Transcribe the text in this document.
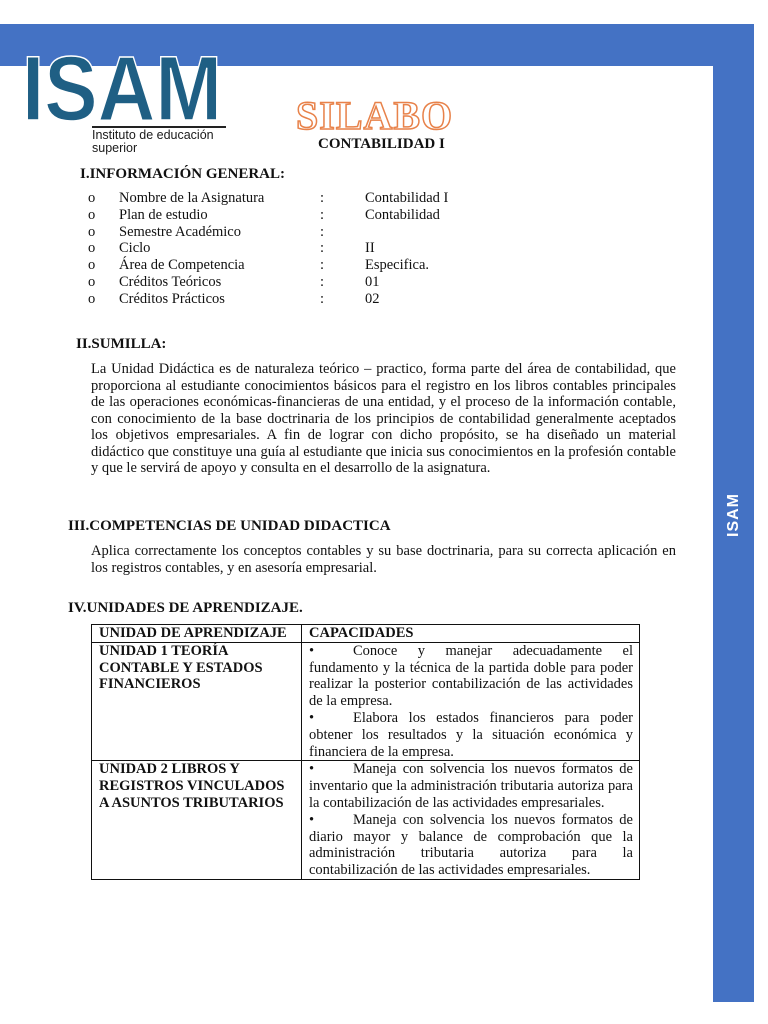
ISAM
ISAM
Instituto de educación
superior
SILABO
CONTABILIDAD I
I.INFORMACIÓN GENERAL:
o	Nombre de la Asignatura	:	Contabilidad I
o	Plan de estudio	:	Contabilidad
o	Semestre Académico	:
o	Ciclo	:	II
o	Área de Competencia	:	Especifica.
o	Créditos Teóricos	:	01
o	Créditos Prácticos	:	02
II.SUMILLA:
La Unidad Didáctica es de naturaleza teórico – practico, forma parte del área de contabilidad, que proporciona al estudiante conocimientos básicos para el registro en los libros contables principales de las operaciones económicas-financieras de una entidad, y el proceso de la información contable, con conocimiento de la base doctrinaria de los principios de contabilidad generalmente aceptados los objetivos empresariales. A fin de lograr con dicho propósito, se ha diseñado un material didáctico que constituye una guía al estudiante que inicia sus conocimientos en la profesión contable y que le servirá de apoyo y consulta en el desarrollo de la asignatura.
III.COMPETENCIAS DE UNIDAD DIDACTICA
Aplica correctamente los conceptos contables y su base doctrinaria, para su correcta aplicación en los registros contables, y en asesoría empresarial.
IV.UNIDADES DE APRENDIZAJE.
UNIDAD DE APRENDIZAJE	CAPACIDADES
UNIDAD 1 TEORÍA CONTABLE Y ESTADOS FINANCIEROS	• Conoce y manejar adecuadamente el fundamento y la técnica de la partida doble para poder realizar la posterior contabilización de las actividades de la empresa.
• Elabora los estados financieros para poder obtener los resultados y la situación económica y financiera de la empresa.

UNIDAD 2 LIBROS Y REGISTROS VINCULADOS A ASUNTOS TRIBUTARIOS	• Maneja con solvencia los nuevos formatos de inventario que la administración tributaria autoriza para la contabilización de las actividades empresariales.
• Maneja con solvencia los nuevos formatos de diario mayor y balance de comprobación que la administración tributaria autoriza para la contabilización de las actividades empresariales.
